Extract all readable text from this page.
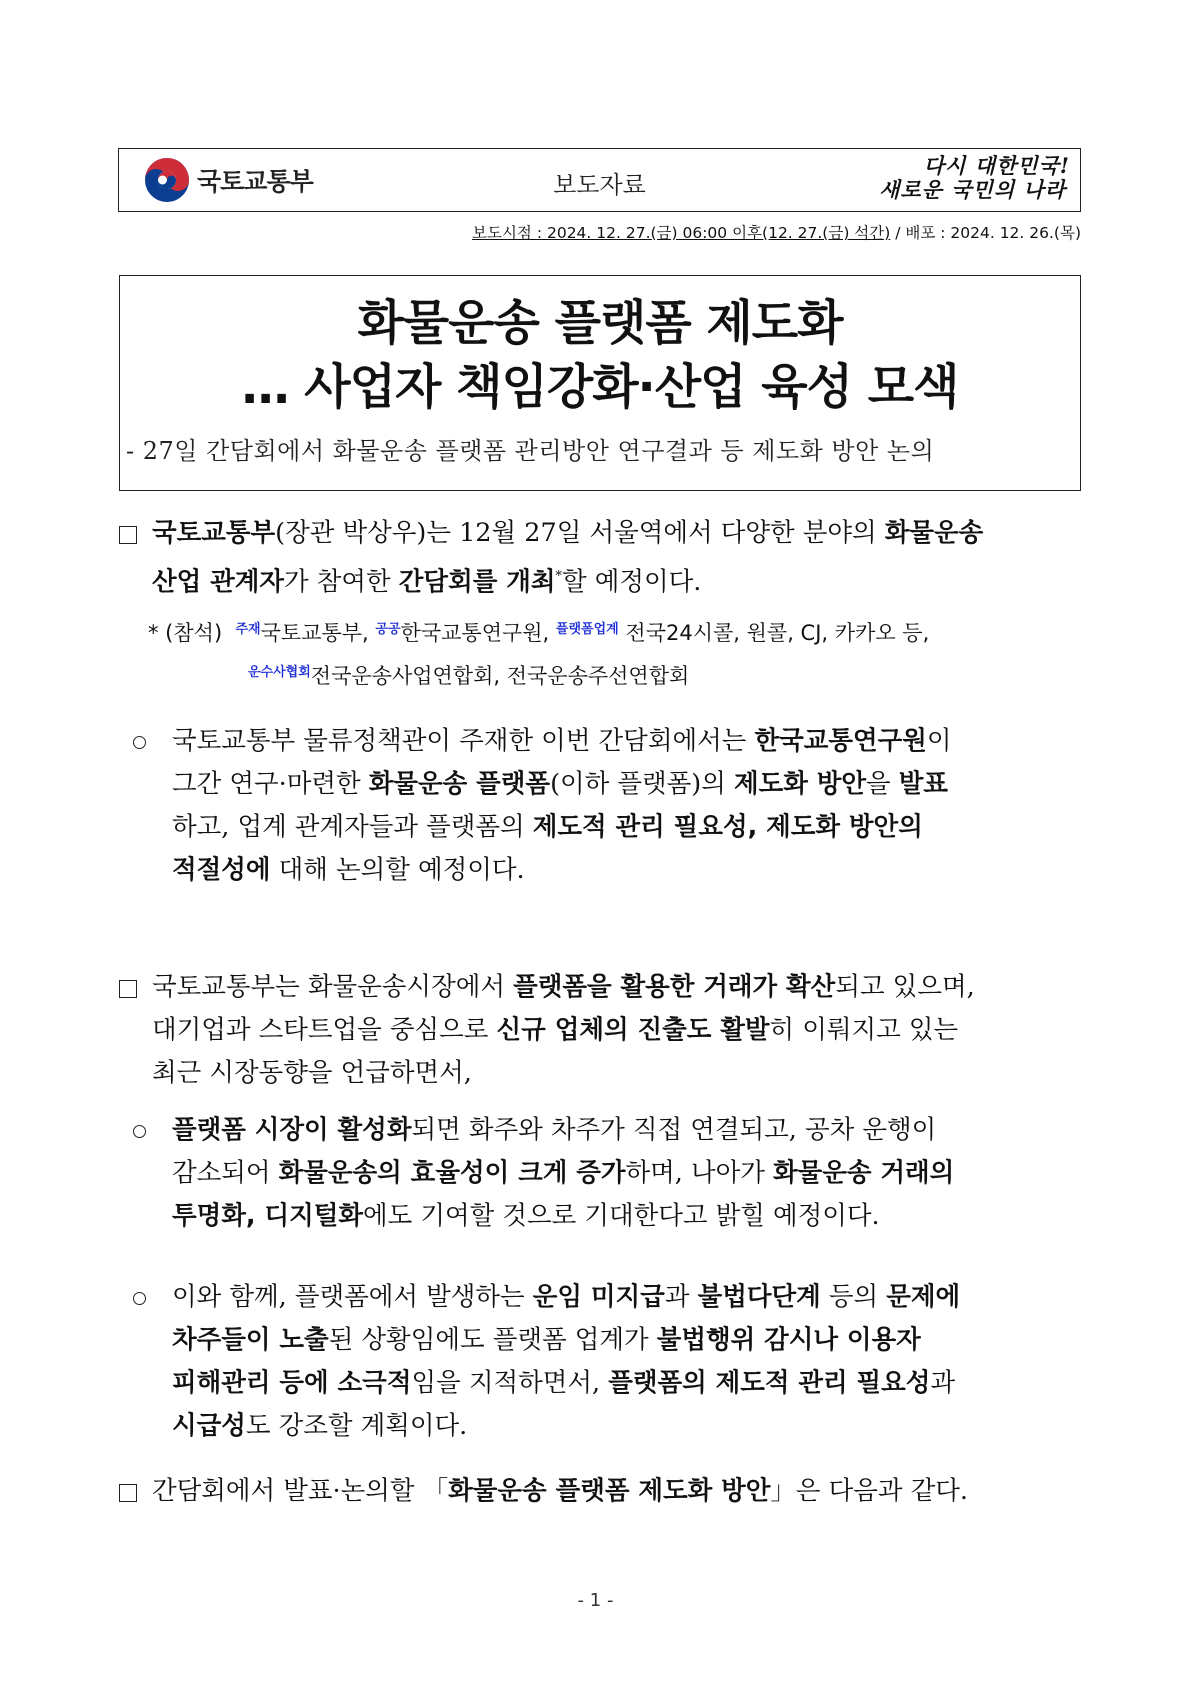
국토교통부	보도자료
다시 대한민국!
새로운 국민의 나라
보도시점 : 2024. 12. 27.(금) 06:00 이후(12. 27.(금) 석간) / 배포 : 2024. 12. 26.(목)
화물운송 플랫폼 제도화
… 사업자 책임강화·산업 육성 모색
- 27일 간담회에서 화물운송 플랫폼 관리방안 연구결과 등 제도화 방안 논의
국토교통부(장관 박상우)는 12월 27일 서울역에서 다양한 분야의 화물운송
산업 관계자가 참여한 간담회를 개최*할 예정이다.
* (참석) $^{주재}$국토교통부, $^{공공}$한국교통연구원, $^{플랫폼업계}$ 전국24시콜, 원콜, CJ, 카카오 등,
$^{운수사협회}$전국운송사업연합회, 전국운송주선연합회
국토교통부 물류정책관이 주재한 이번 간담회에서는 한국교통연구원이
그간 연구·마련한 화물운송 플랫폼(이하 플랫폼)의 제도화 방안을 발표
하고, 업계 관계자들과 플랫폼의 제도적 관리 필요성, 제도화 방안의
적절성에 대해 논의할 예정이다.
국토교통부는 화물운송시장에서 플랫폼을 활용한 거래가 확산되고 있으며,
대기업과 스타트업을 중심으로 신규 업체의 진출도 활발히 이뤄지고 있는
최근 시장동향을 언급하면서,
플랫폼 시장이 활성화되면 화주와 차주가 직접 연결되고, 공차 운행이
감소되어 화물운송의 효율성이 크게 증가하며, 나아가 화물운송 거래의
투명화, 디지털화에도 기여할 것으로 기대한다고 밝힐 예정이다.
이와 함께, 플랫폼에서 발생하는 운임 미지급과 불법다단계 등의 문제에
차주들이 노출된 상황임에도 플랫폼 업계가 불법행위 감시나 이용자
피해관리 등에 소극적임을 지적하면서, 플랫폼의 제도적 관리 필요성과
시급성도 강조할 계획이다.
간담회에서 발표·논의할 「화물운송 플랫폼 제도화 방안」은 다음과 같다.
- 1 -
